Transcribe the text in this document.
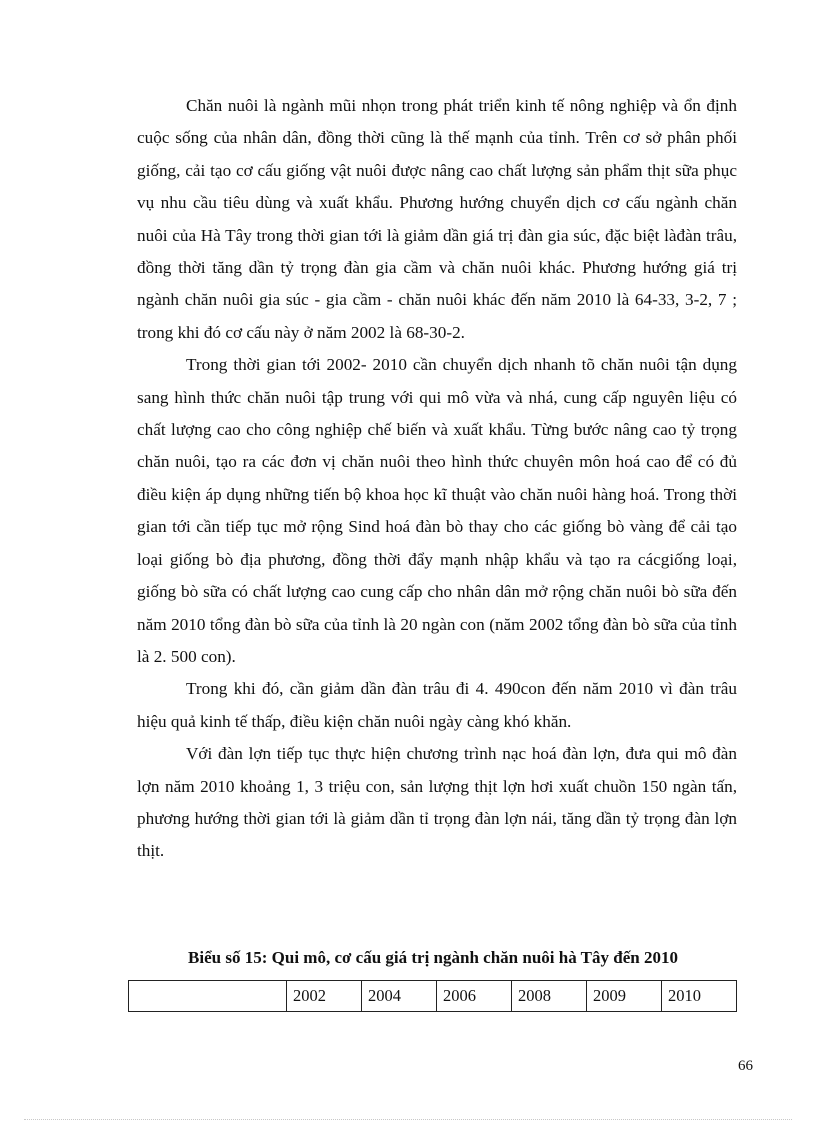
Chăn nuôi là ngành mũi nhọn trong phát triển kinh tế nông nghiệp và ổn định cuộc sống của nhân dân, đồng thời cũng là thế mạnh của tỉnh. Trên cơ sở phân phối giống, cải tạo cơ cấu giống vật nuôi được nâng cao chất lượng sản phẩm thịt sữa phục vụ nhu cầu tiêu dùng và xuất khẩu. Phương hướng chuyển dịch cơ cấu ngành chăn nuôi của Hà Tây trong thời gian tới là giảm dần giá trị đàn gia súc, đặc biệt làđàn trâu, đồng thời tăng dần tỷ trọng đàn gia cầm và chăn nuôi khác. Phương hướng giá trị ngành chăn nuôi gia súc - gia cầm - chăn nuôi khác đến năm 2010 là 64-33, 3-2, 7 ; trong khi đó cơ cấu này ở năm 2002 là 68-30-2.

Trong thời gian tới 2002- 2010 cần chuyển dịch nhanh tõ chăn nuôi tận dụng sang hình thức chăn nuôi tập trung với qui mô vừa và nhá, cung cấp nguyên liệu có chất lượng cao cho công nghiệp chế biến và xuất khẩu. Từng bước nâng cao tỷ trọng chăn nuôi, tạo ra các đơn vị chăn nuôi theo hình thức chuyên môn hoá cao để có đủ điều kiện áp dụng những tiến bộ khoa học kĩ thuật vào chăn nuôi hàng hoá. Trong thời gian tới cần tiếp tục mở rộng Sind hoá đàn bò thay cho các giống bò vàng để cải tạo loại giống bò địa phương, đồng thời đẩy mạnh nhập khẩu và tạo ra cácgiống loại, giống bò sữa có chất lượng cao cung cấp cho nhân dân mở rộng chăn nuôi bò sữa đến năm 2010 tổng đàn bò sữa của tỉnh là 20 ngàn con (năm 2002 tổng đàn bò sữa của tỉnh là 2. 500 con).

Trong khi đó, cần giảm dần đàn trâu đi 4. 490con đến năm 2010 vì đàn trâu hiệu quả kinh tế thấp, điều kiện chăn nuôi ngày càng khó khăn.

Với đàn lợn tiếp tục thực hiện chương trình nạc hoá đàn lợn, đưa qui mô đàn lợn năm 2010 khoảng 1, 3 triệu con, sản lượng thịt lợn hơi xuất chuồn 150 ngàn tấn, phương hướng thời gian tới là giảm dần tỉ trọng đàn lợn nái, tăng dần tỷ trọng đàn lợn thịt.

Biểu số 15: Qui mô, cơ cấu giá trị ngành chăn nuôi hà Tây đến 2010
	2002	2004	2006	2008	2009	2010
66
